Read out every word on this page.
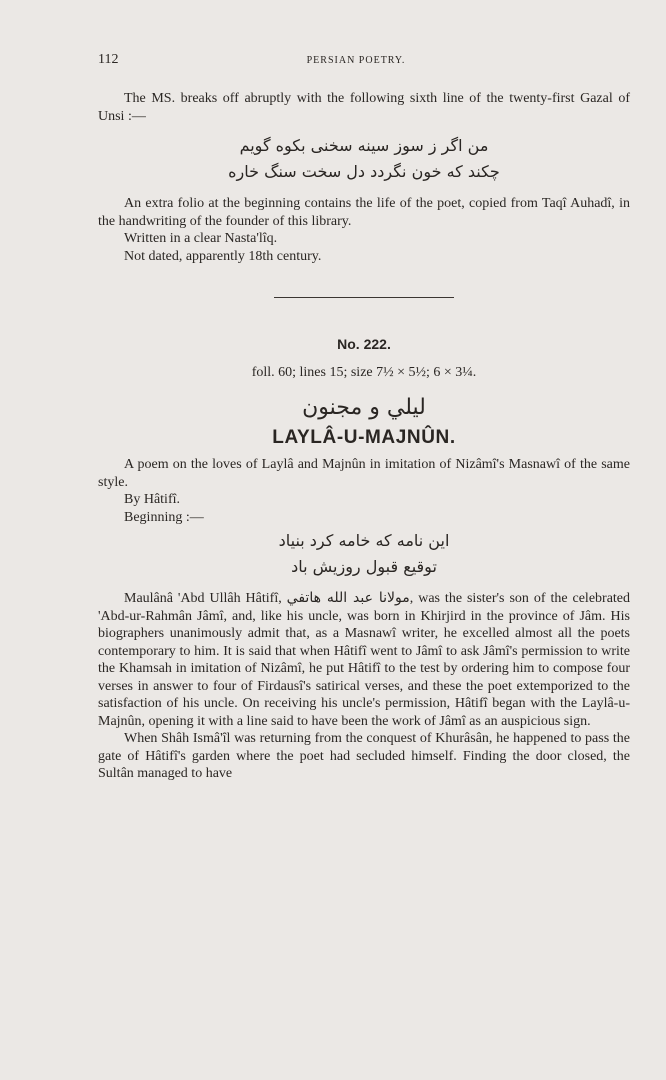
112	PERSIAN POETRY.

The MS. breaks off abruptly with the following sixth line of the twenty-first Gazal of Unsi :—

من اگر ز سوز سینه سخنی بکوه گویم

چکند که خون نگردد دل سخت سنگ خاره

An extra folio at the beginning contains the life of the poet, copied from Taqî Auhadî, in the handwriting of the founder of this library.

Written in a clear Nasta'lîq.

Not dated, apparently 18th century.

No. 222.
foll. 60; lines 15; size 7½ × 5½; 6 × 3¼.
ليلي و مجنون
LAYLÂ-U-MAJNÛN.

A poem on the loves of Laylâ and Majnûn in imitation of Nizâmî's Masnawî of the same style.

By Hâtifî.

Beginning :—

این نامه که خامه کرد بنیاد

توقیع قبول روزیش باد

Maulânâ 'Abd Ullâh Hâtifî, مولانا عبد الله هاتفي, was the sister's son of the celebrated 'Abd-ur-Rahmân Jâmî, and, like his uncle, was born in Khirjird in the province of Jâm. His biographers unanimously admit that, as a Masnawî writer, he excelled almost all the poets contemporary to him. It is said that when Hâtifî went to Jâmî to ask Jâmî's permission to write the Khamsah in imitation of Nizâmî, he put Hâtifî to the test by ordering him to compose four verses in answer to four of Firdausî's satirical verses, and these the poet extemporized to the satisfaction of his uncle. On receiving his uncle's permission, Hâtifî began with the Laylâ-u-Majnûn, opening it with a line said to have been the work of Jâmî as an auspicious sign.

When Shâh Ismâ'îl was returning from the conquest of Khurâsân, he happened to pass the gate of Hâtifî's garden where the poet had secluded himself. Finding the door closed, the Sultân managed to have
